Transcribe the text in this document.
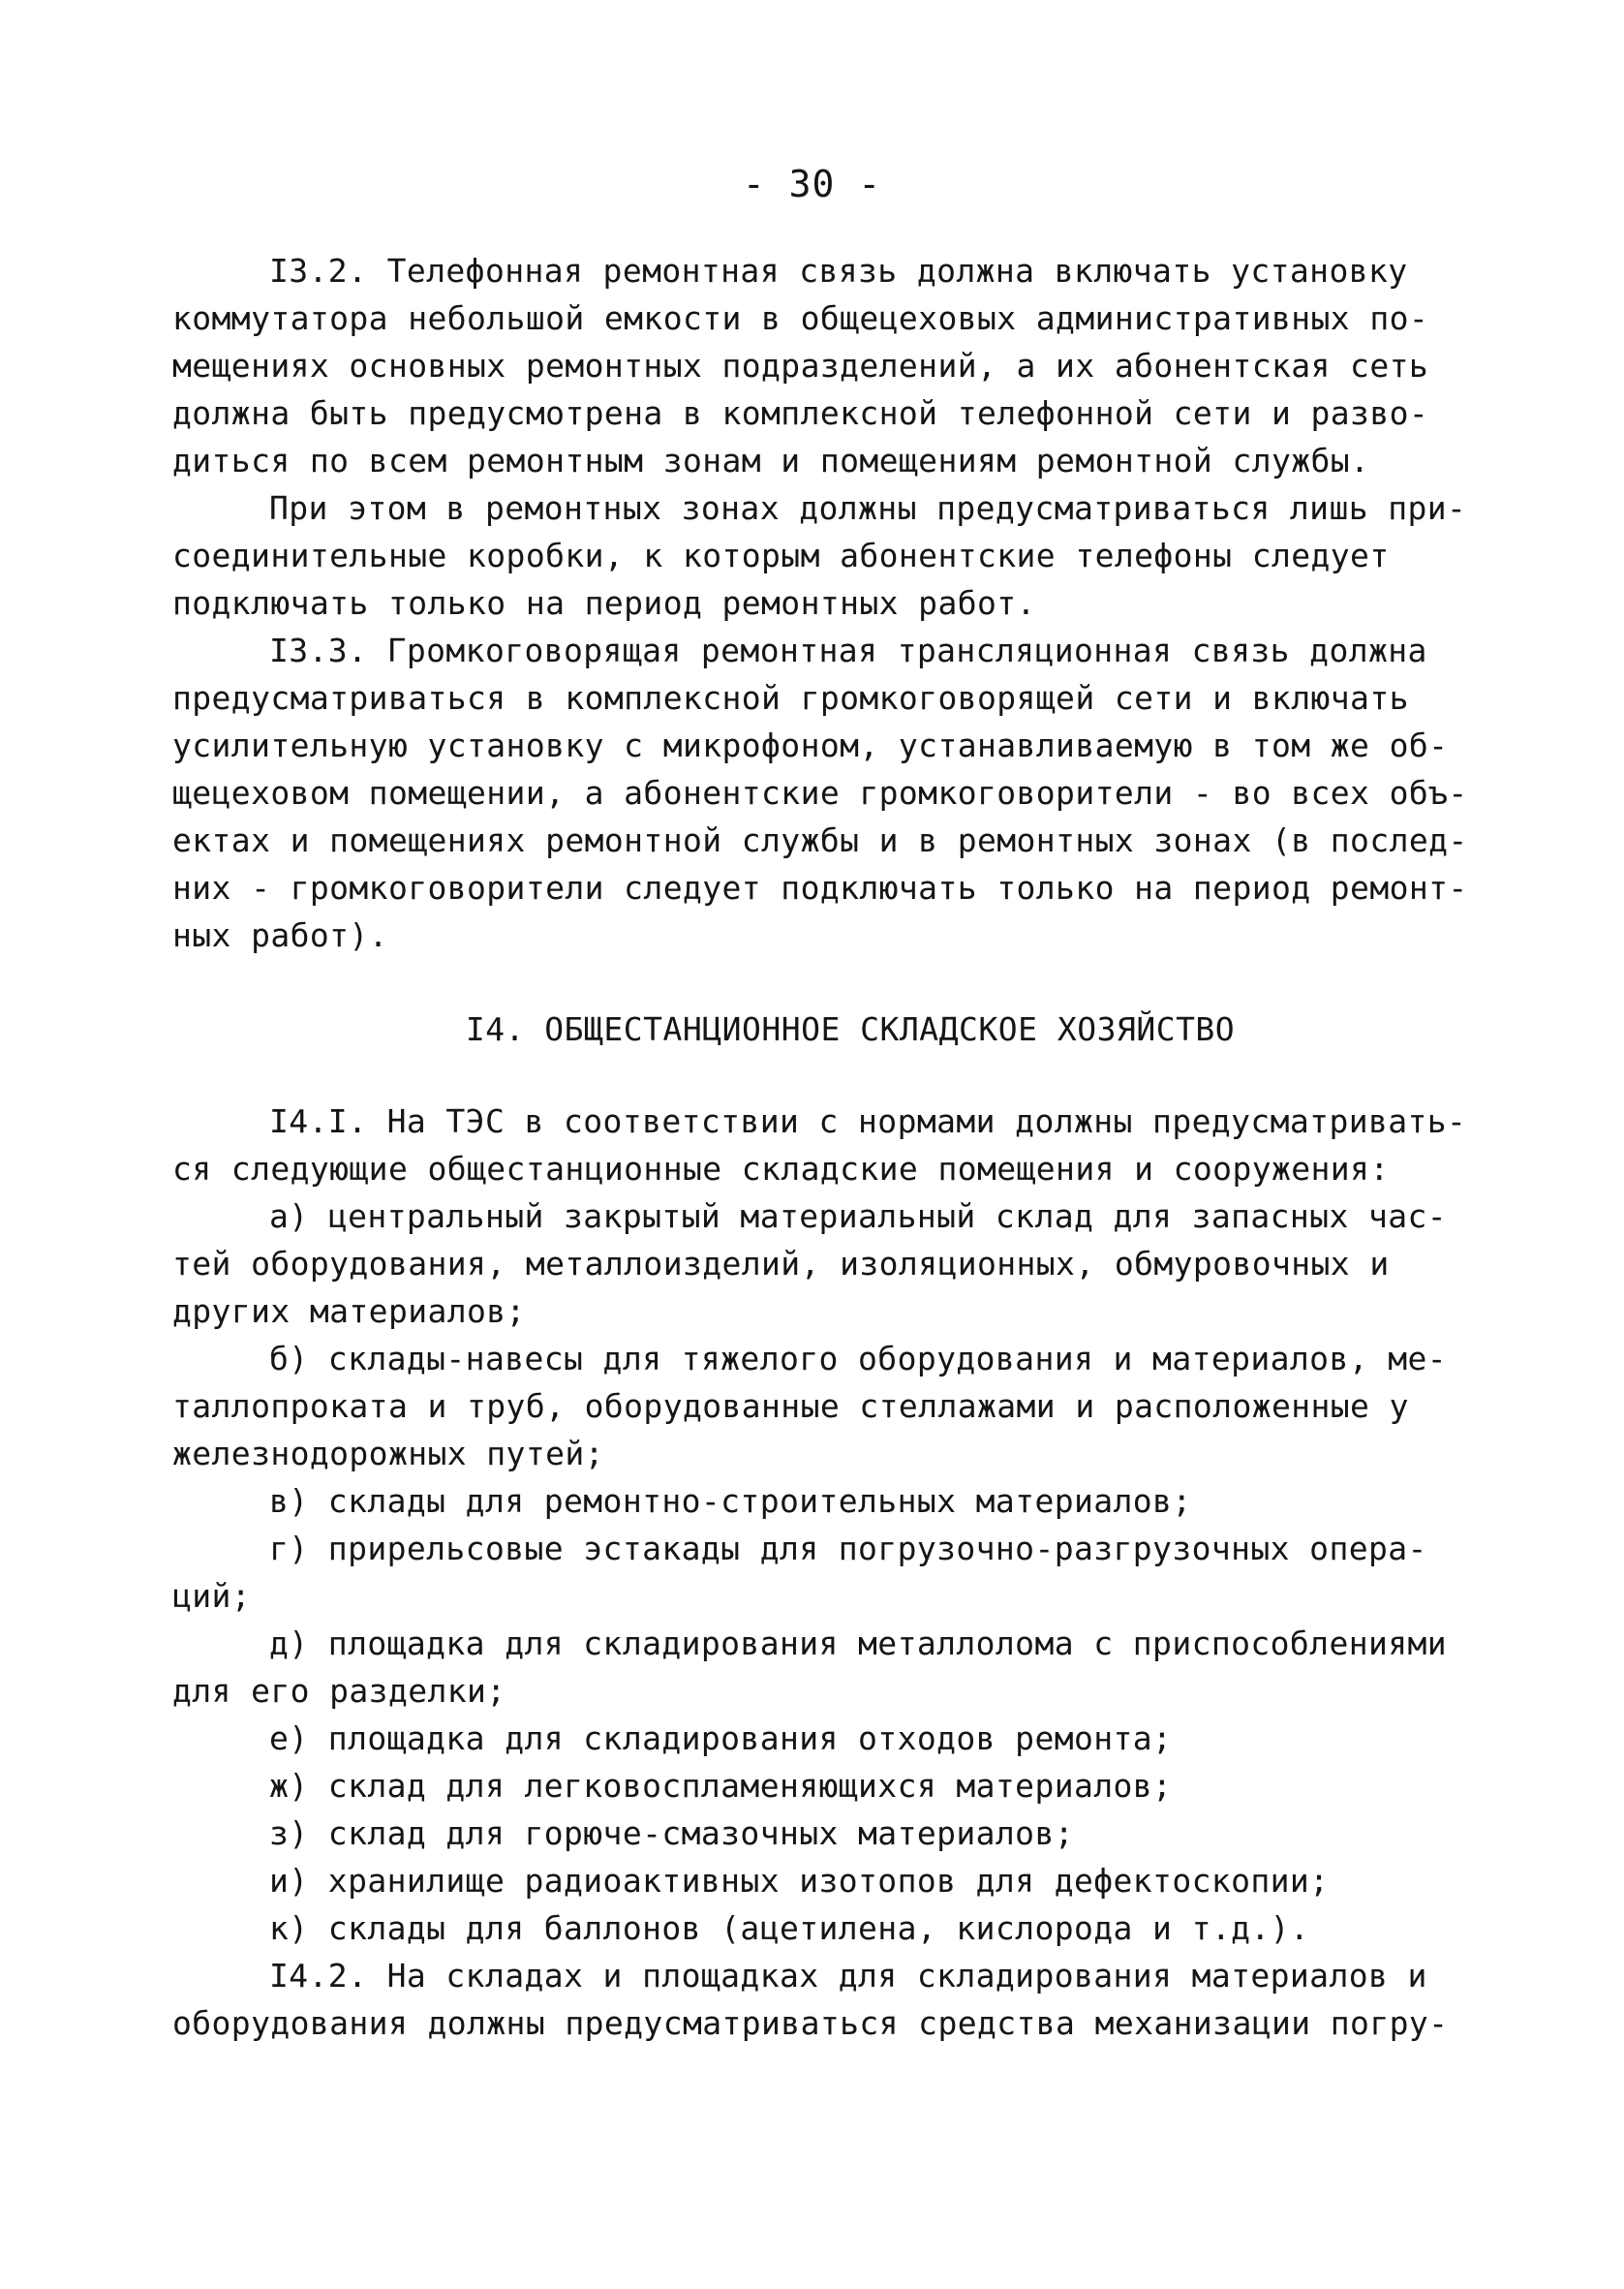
- 30 -
I3.2. Телефонная ремонтная связь должна включать установку
коммутатора небольшой емкости в общецеховых административных по-
мещениях основных ремонтных подразделений, а их абонентская сеть
должна быть предусмотрена в комплексной телефонной сети и разво-
диться по всем ремонтным зонам и помещениям ремонтной службы.
При этом в ремонтных зонах должны предусматриваться лишь при-
соединительные коробки, к которым абонентские телефоны следует
подключать только на период ремонтных работ.
I3.3. Громкоговорящая ремонтная трансляционная связь должна
предусматриваться в комплексной громкоговорящей сети и включать
усилительную установку с микрофоном, устанавливаемую в том же об-
щецеховом помещении, а абонентские громкоговорители - во всех объ-
ектах и помещениях ремонтной службы и в ремонтных зонах (в послед-
них - громкоговорители следует подключать только на период ремонт-
ных работ).
I4. ОБЩЕСТАНЦИОННОЕ СКЛАДСКОЕ ХОЗЯЙСТВО
I4.I. На ТЭС в соответствии с нормами должны предусматривать-
ся следующие общестанционные складские помещения и сооружения:
а) центральный закрытый материальный склад для запасных час-
тей оборудования, металлоизделий, изоляционных, обмуровочных и
других материалов;
б) склады-навесы для тяжелого оборудования и материалов, ме-
таллопроката и труб, оборудованные стеллажами и расположенные у
железнодорожных путей;
в) склады для ремонтно-строительных материалов;
г) прирельсовые эстакады для погрузочно-разгрузочных опера-
ций;
д) площадка для складирования металлолома с приспособлениями
для его разделки;
е) площадка для складирования отходов ремонта;
ж) склад для легковоспламеняющихся материалов;
з) склад для горюче-смазочных материалов;
и) хранилище радиоактивных изотопов для дефектоскопии;
к) склады для баллонов (ацетилена, кислорода и т.д.).
I4.2. На складах и площадках для складирования материалов и
оборудования должны предусматриваться средства механизации погру-
